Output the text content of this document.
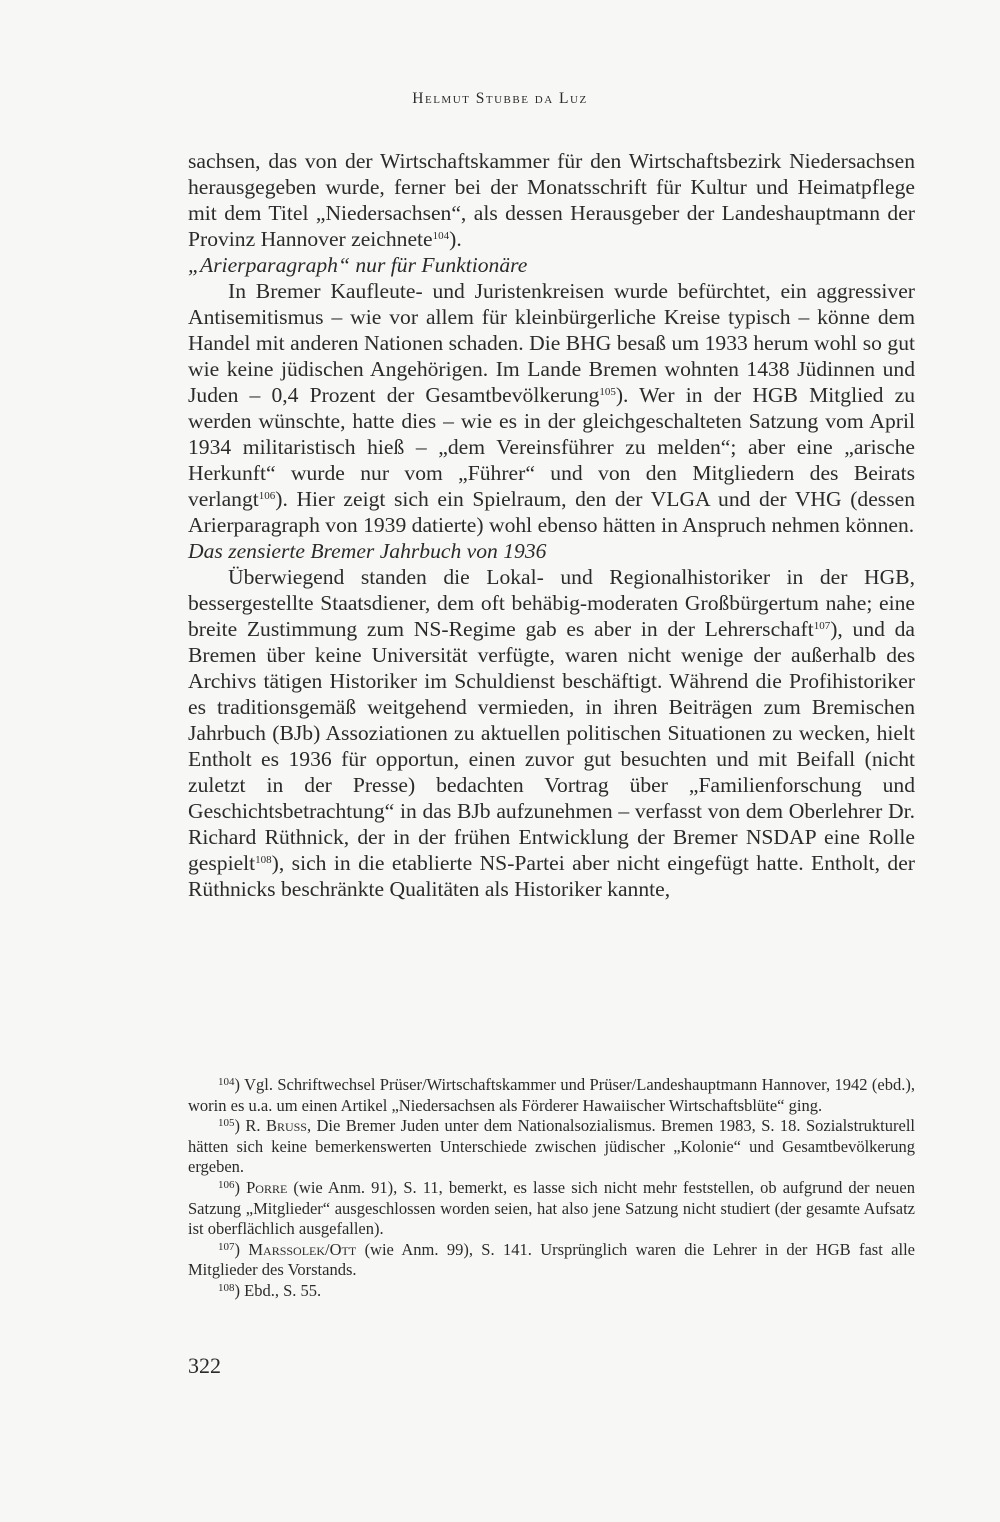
Helmut Stubbe da Luz

sachsen, das von der Wirtschaftskammer für den Wirtschaftsbezirk Niedersachsen herausgegeben wurde, ferner bei der Monatsschrift für Kultur und Heimatpflege mit dem Titel „Niedersachsen“, als dessen Herausgeber der Landeshauptmann der Provinz Hannover zeichnete$^{104}$).

„Arierparagraph“ nur für Funktionäre

In Bremer Kaufleute- und Juristenkreisen wurde befürchtet, ein aggressiver Antisemitismus – wie vor allem für kleinbürgerliche Kreise typisch – könne dem Handel mit anderen Nationen schaden. Die BHG besaß um 1933 herum wohl so gut wie keine jüdischen Angehörigen. Im Lande Bremen wohnten 1438 Jüdinnen und Juden – 0,4 Prozent der Gesamtbevölkerung$^{105}$). Wer in der HGB Mitglied zu werden wünschte, hatte dies – wie es in der gleichgeschalteten Satzung vom April 1934 militaristisch hieß – „dem Vereinsführer zu melden“; aber eine „arische Herkunft“ wurde nur vom „Führer“ und von den Mitgliedern des Beirats verlangt$^{106}$). Hier zeigt sich ein Spielraum, den der VLGA und der VHG (dessen Arierparagraph von 1939 datierte) wohl ebenso hätten in Anspruch nehmen können.

Das zensierte Bremer Jahrbuch von 1936

Überwiegend standen die Lokal- und Regionalhistoriker in der HGB, bessergestellte Staatsdiener, dem oft behäbig-moderaten Großbürgertum nahe; eine breite Zustimmung zum NS-Regime gab es aber in der Lehrerschaft$^{107}$), und da Bremen über keine Universität verfügte, waren nicht wenige der außerhalb des Archivs tätigen Historiker im Schuldienst beschäftigt. Während die Profihistoriker es traditionsgemäß weitgehend vermieden, in ihren Beiträgen zum Bremischen Jahrbuch (BJb) Assoziationen zu aktuellen politischen Situationen zu wecken, hielt Entholt es 1936 für opportun, einen zuvor gut besuchten und mit Beifall (nicht zuletzt in der Presse) bedachten Vortrag über „Familienforschung und Geschichtsbetrachtung“ in das BJb aufzunehmen – verfasst von dem Oberlehrer Dr. Richard Rüthnick, der in der frühen Entwicklung der Bremer NSDAP eine Rolle gespielt$^{108}$), sich in die etablierte NS-Partei aber nicht eingefügt hatte. Entholt, der Rüthnicks beschränkte Qualitäten als Historiker kannte,

$^{104}$) Vgl. Schriftwechsel Prüser/Wirtschaftskammer und Prüser/Landeshauptmann Hannover, 1942 (ebd.), worin es u.a. um einen Artikel „Niedersachsen als Förderer Hawaiischer Wirtschaftsblüte“ ging.

$^{105}$) R. Bruss, Die Bremer Juden unter dem Nationalsozialismus. Bremen 1983, S. 18. Sozialstrukturell hätten sich keine bemerkenswerten Unterschiede zwischen jüdischer „Kolonie“ und Gesamtbevölkerung ergeben.

$^{106}$) Porre (wie Anm. 91), S. 11, bemerkt, es lasse sich nicht mehr feststellen, ob aufgrund der neuen Satzung „Mitglieder“ ausgeschlossen worden seien, hat also jene Satzung nicht studiert (der gesamte Aufsatz ist oberflächlich ausgefallen).

$^{107}$) Marssolek/Ott (wie Anm. 99), S. 141. Ursprünglich waren die Lehrer in der HGB fast alle Mitglieder des Vorstands.

$^{108}$) Ebd., S. 55.

322
